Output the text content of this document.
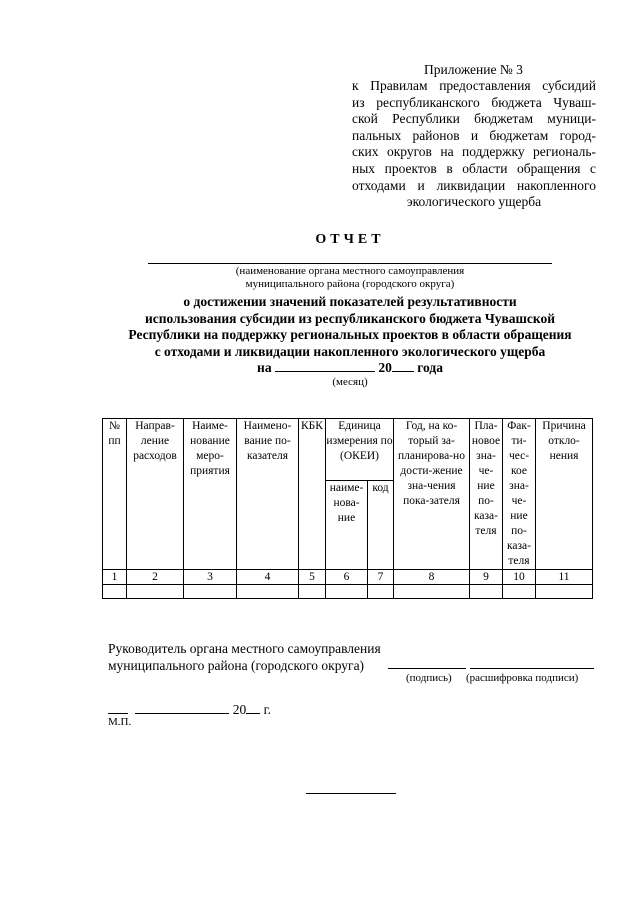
Приложение № 3
к Правилам предоставления субсидий
из республиканского бюджета Чуваш-
ской Республики бюджетам муници-
пальных районов и бюджетам город-
ских округов на поддержку региональ-
ных проектов в области обращения с
отходами и ликвидации накопленного
экологического ущерба
ОТЧЕТ
(наименование органа местного самоуправления
муниципального района (городского округа)
о достижении значений показателей результативности
использования субсидии из республиканского бюджета Чувашской
Республики на поддержку региональных проектов в области обращения
с отходами и ликвидации накопленного экологического ущерба
на	20 года
(месяц)
№ пп	Направ-ление расходов	Наиме-нование меро-приятия	Наимено-вание по-казателя	КБК	Единица измерения по (ОКЕИ)		Год, на ко-торый за-планирова-но дости-жение зна-чения пока-зателя	Пла-новое зна-че-ние по-каза-теля	Фак-ти-чес-кое зна-че-ние по-каза-теля	Причина откло-нения
					наиме-нова-ние	код				
1	2	3	4	5	6	7	8	9	10	11

Руководитель органа местного самоуправления
муниципального района (городского округа)
(подпись) (расшифровка подписи)
20 г.
М.П.
